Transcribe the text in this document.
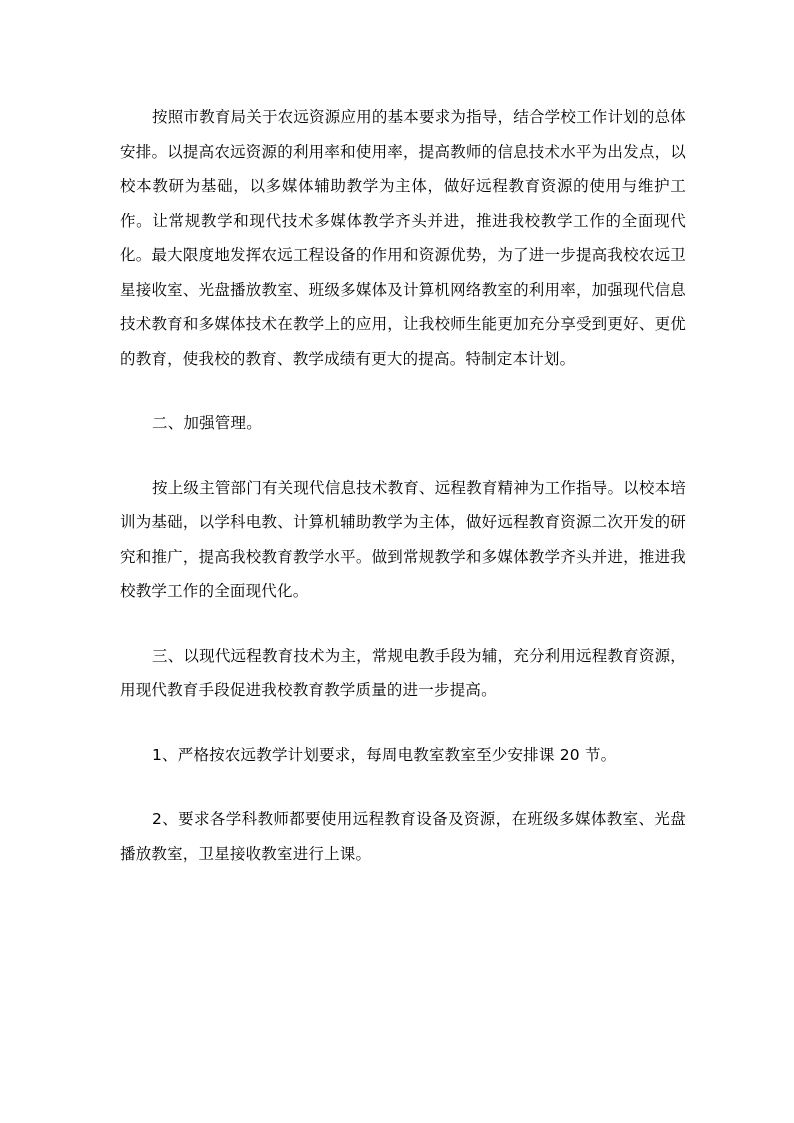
按照市教育局关于农远资源应用的基本要求为指导，结合学校工作计划的总体安排。以提高农远资源的利用率和使用率，提高教师的信息技术水平为出发点，以校本教研为基础，以多媒体辅助教学为主体，做好远程教育资源的使用与维护工作。让常规教学和现代技术多媒体教学齐头并进，推进我校教学工作的全面现代化。最大限度地发挥农远工程设备的作用和资源优势，为了进一步提高我校农远卫星接收室、光盘播放教室、班级多媒体及计算机网络教室的利用率，加强现代信息技术教育和多媒体技术在教学上的应用，让我校师生能更加充分享受到更好、更优的教育，使我校的教育、教学成绩有更大的提高。特制定本计划。

二、加强管理。

按上级主管部门有关现代信息技术教育、远程教育精神为工作指导。以校本培训为基础，以学科电教、计算机辅助教学为主体，做好远程教育资源二次开发的研究和推广，提高我校教育教学水平。做到常规教学和多媒体教学齐头并进，推进我校教学工作的全面现代化。

三、以现代远程教育技术为主，常规电教手段为辅，充分利用远程教育资源，用现代教育手段促进我校教育教学质量的进一步提高。

1、严格按农远教学计划要求，每周电教室教室至少安排课 20 节。

2、要求各学科教师都要使用远程教育设备及资源，在班级多媒体教室、光盘播放教室，卫星接收教室进行上课。
